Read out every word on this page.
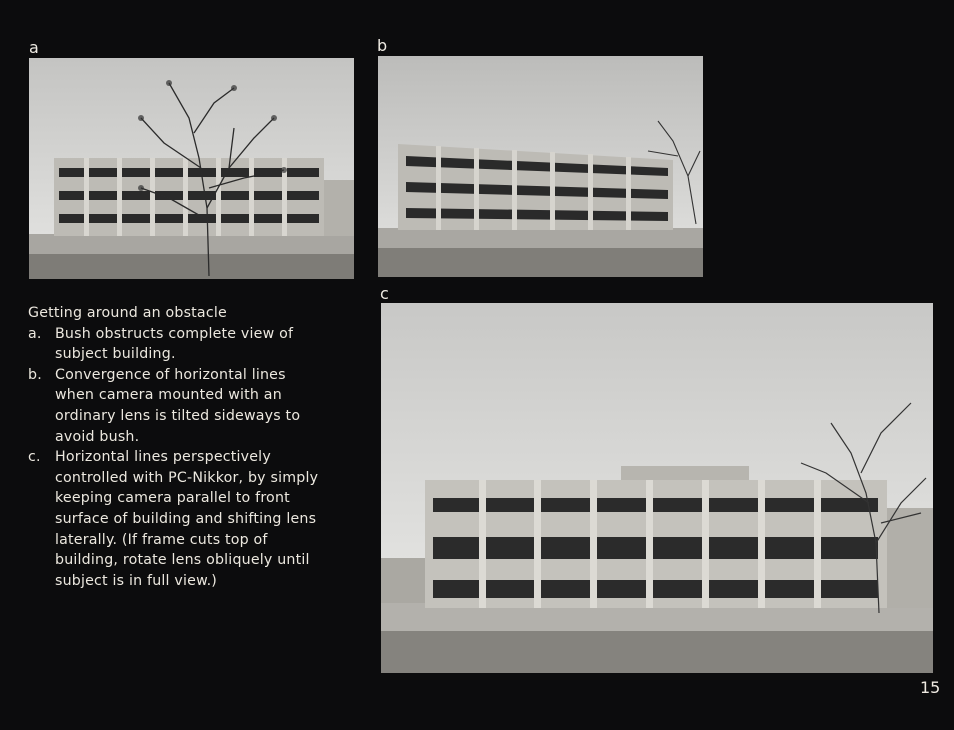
a	b
c
Getting around an obstacle
a. Bush obstructs complete view of subject building.
b. Convergence of horizontal lines when camera mounted with an ordinary lens is tilted sideways to avoid bush.
c. Horizontal lines perspectively controlled with PC-Nikkor, by simply keeping camera parallel to front surface of building and shifting lens laterally. (If frame cuts top of building, rotate lens obliquely until subject is in full view.)
15
